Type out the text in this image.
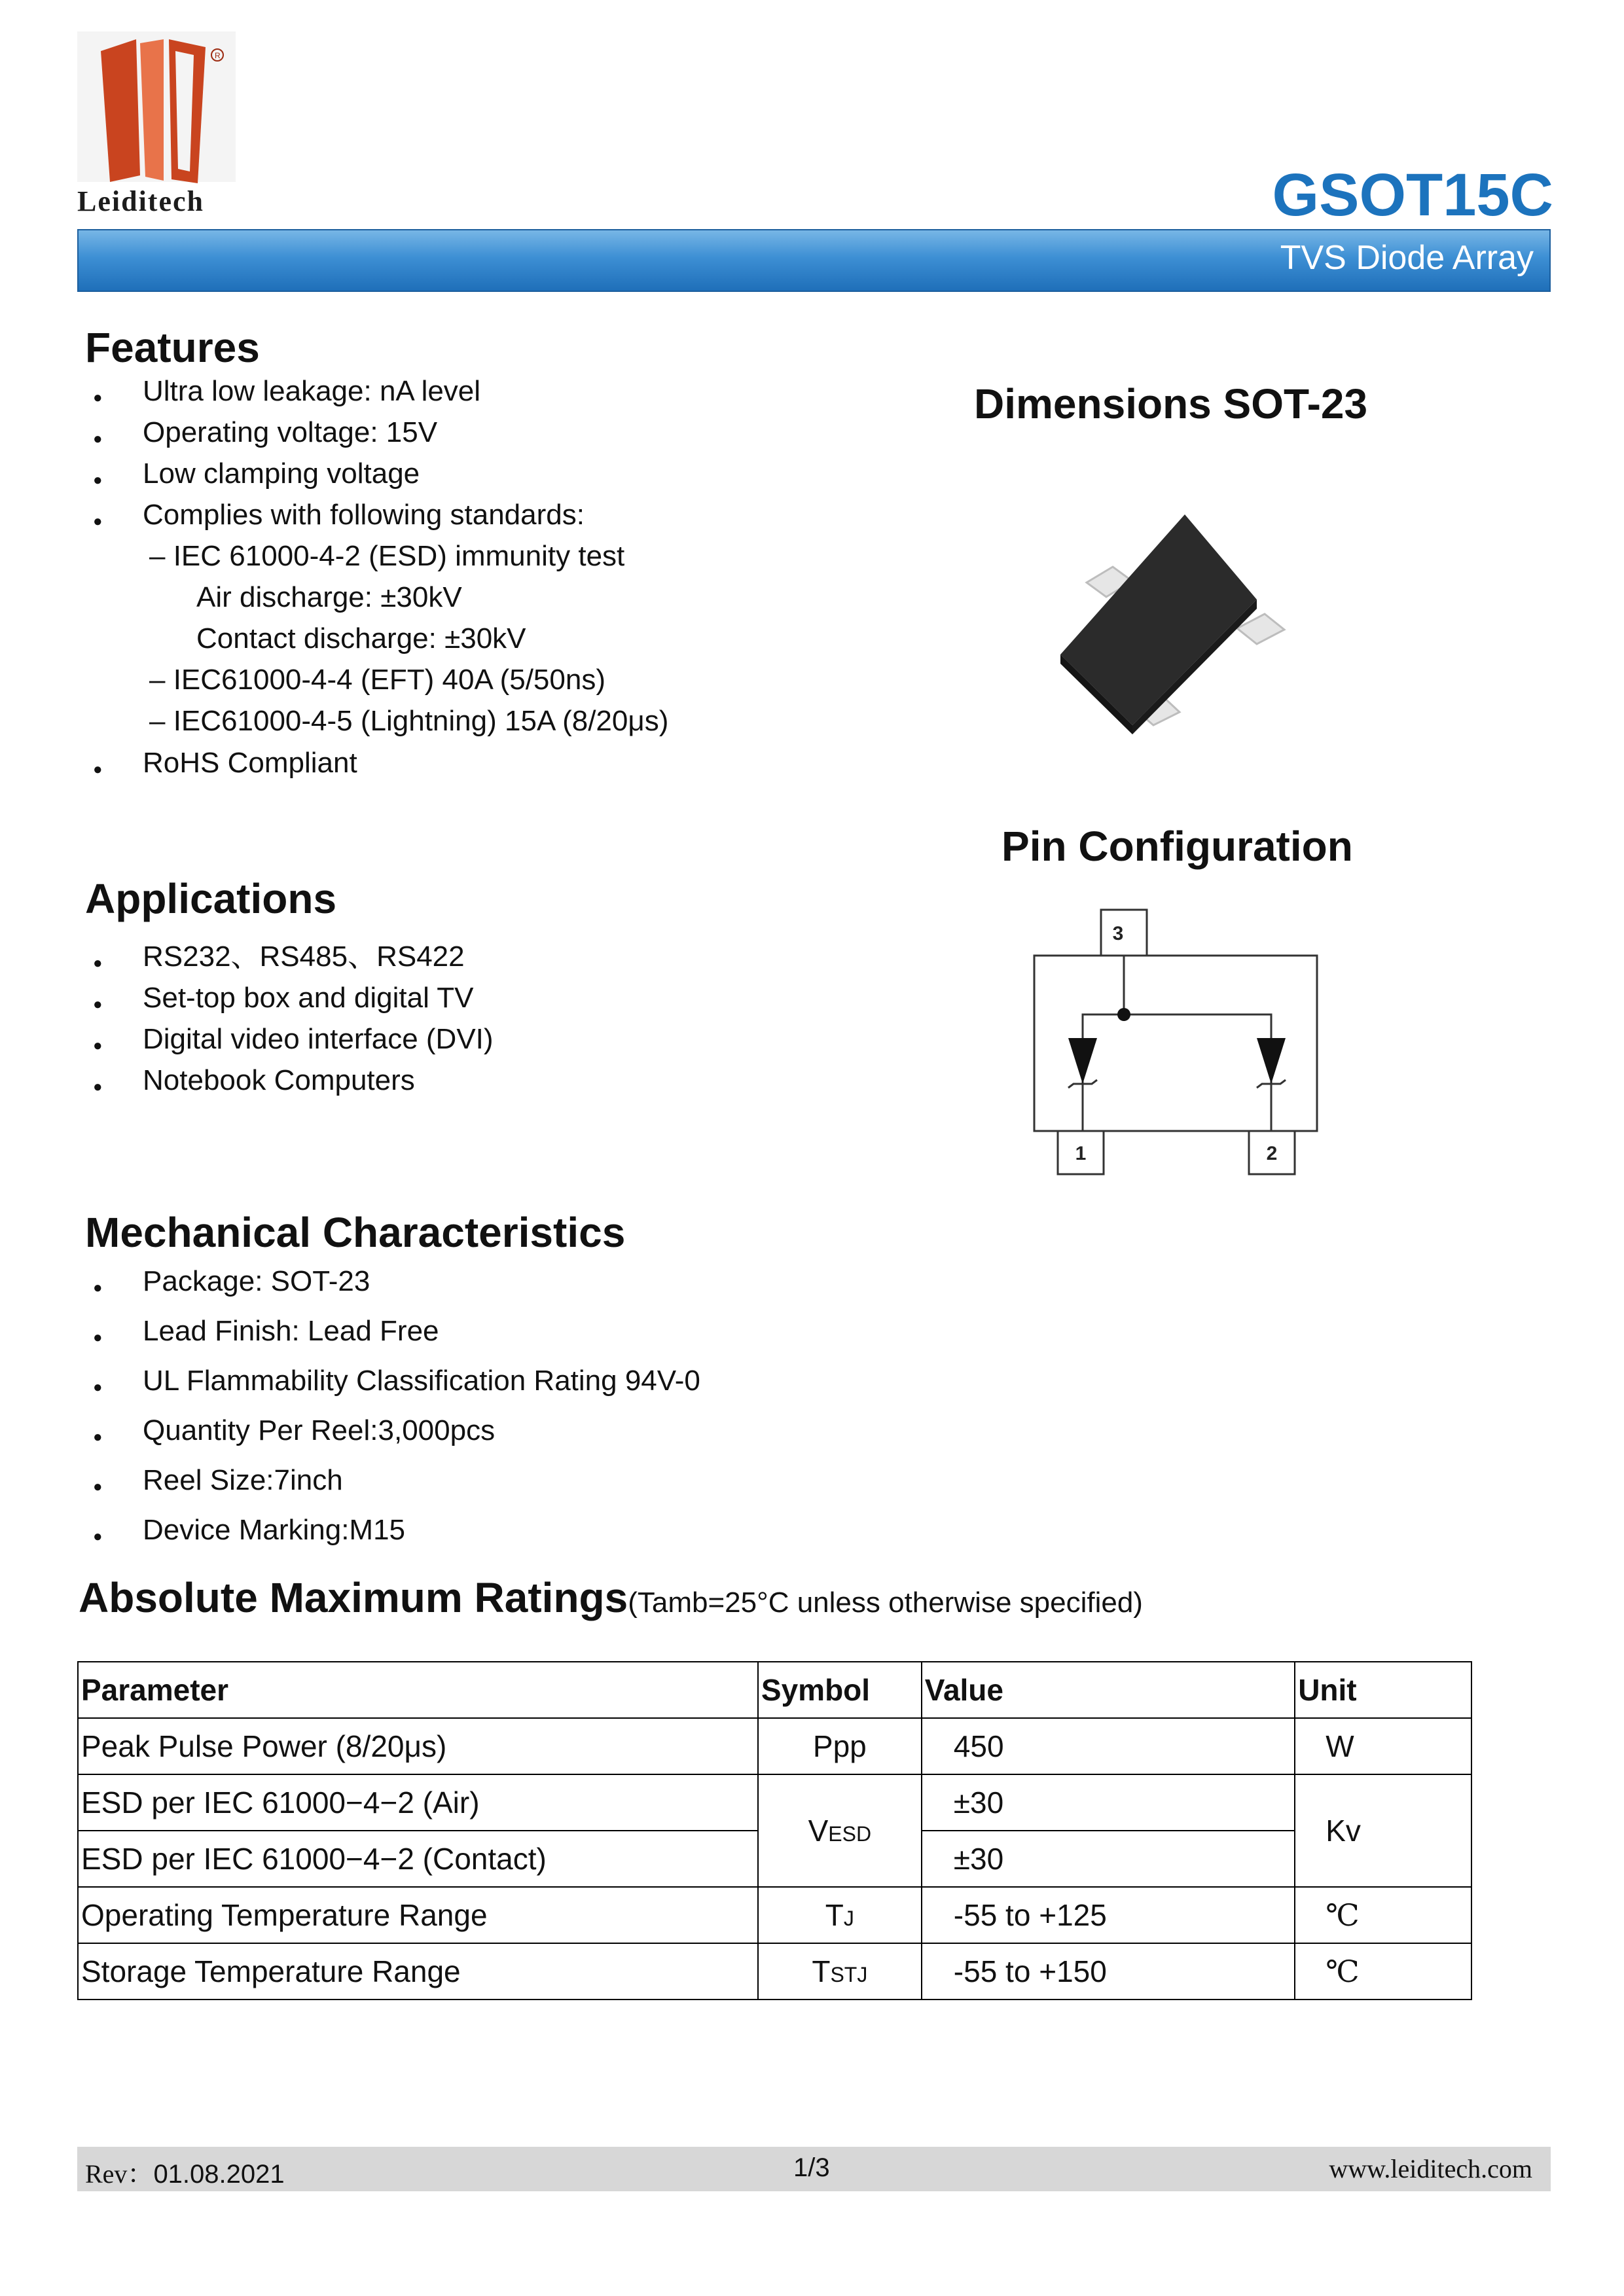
R
Leiditech	GSOT15C
TVS Diode Array
Features
● Ultra low leakage: nA level
● Operating voltage: 15V
● Low clamping voltage
● Complies with following standards:
– IEC 61000-4-2 (ESD) immunity test
Air discharge: ±30kV
Contact discharge: ±30kV
– IEC61000-4-4 (EFT) 40A (5/50ns)
– IEC61000-4-5 (Lightning) 15A (8/20μs)
● RoHS Compliant
Dimensions SOT-23
Pin Configuration
3
1	2
Applications
● RS232、RS485、RS422
● Set-top box and digital TV
● Digital video interface (DVI)
● Notebook Computers
Mechanical Characteristics
● Package: SOT-23
● Lead Finish: Lead Free
● UL Flammability Classification Rating 94V-0
● Quantity Per Reel:3,000pcs
● Reel Size:7inch
● Device Marking:M15
Absolute Maximum Ratings(Tamb=25°C unless otherwise specified)
Parameter	Symbol	Value	Unit
Peak Pulse Power (8/20μs)	Ppp	450	W
ESD per IEC 61000−4−2 (Air)	VESD	±30	Kv
ESD per IEC 61000−4−2 (Contact)		±30	
Operating Temperature Range	TJ	-55 to +125	℃
Storage Temperature Range	TSTJ	-55 to +150	℃
Rev：01.08.2021	1/3	www.leiditech.com
